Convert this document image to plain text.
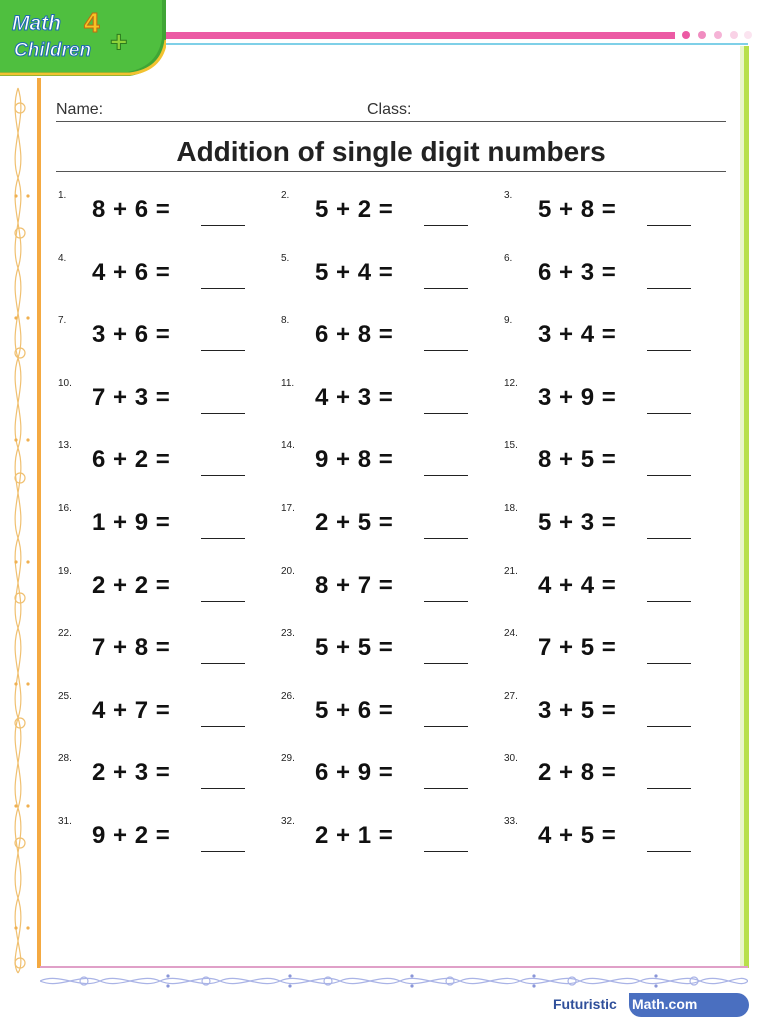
Math 4
Children +
Name:	Class:
Addition of single digit numbers
1.
8 + 6 =
2.
5 + 2 =
3.
5 + 8 =
4.
4 + 6 =
5.
5 + 4 =
6.
6 + 3 =
7.
3 + 6 =
8.
6 + 8 =
9.
3 + 4 =
10.
7 + 3 =
11.
4 + 3 =
12.
3 + 9 =
13.
6 + 2 =
14.
9 + 8 =
15.
8 + 5 =
16.
1 + 9 =
17.
2 + 5 =
18.
5 + 3 =
19.
2 + 2 =
20.
8 + 7 =
21.
4 + 4 =
22.
7 + 8 =
23.
5 + 5 =
24.
7 + 5 =
25.
4 + 7 =
26.
5 + 6 =
27.
3 + 5 =
28.
2 + 3 =
29.
6 + 9 =
30.
2 + 8 =
31.
9 + 2 =
32.
2 + 1 =
33.
4 + 5 =
Math.com
Futuristic
